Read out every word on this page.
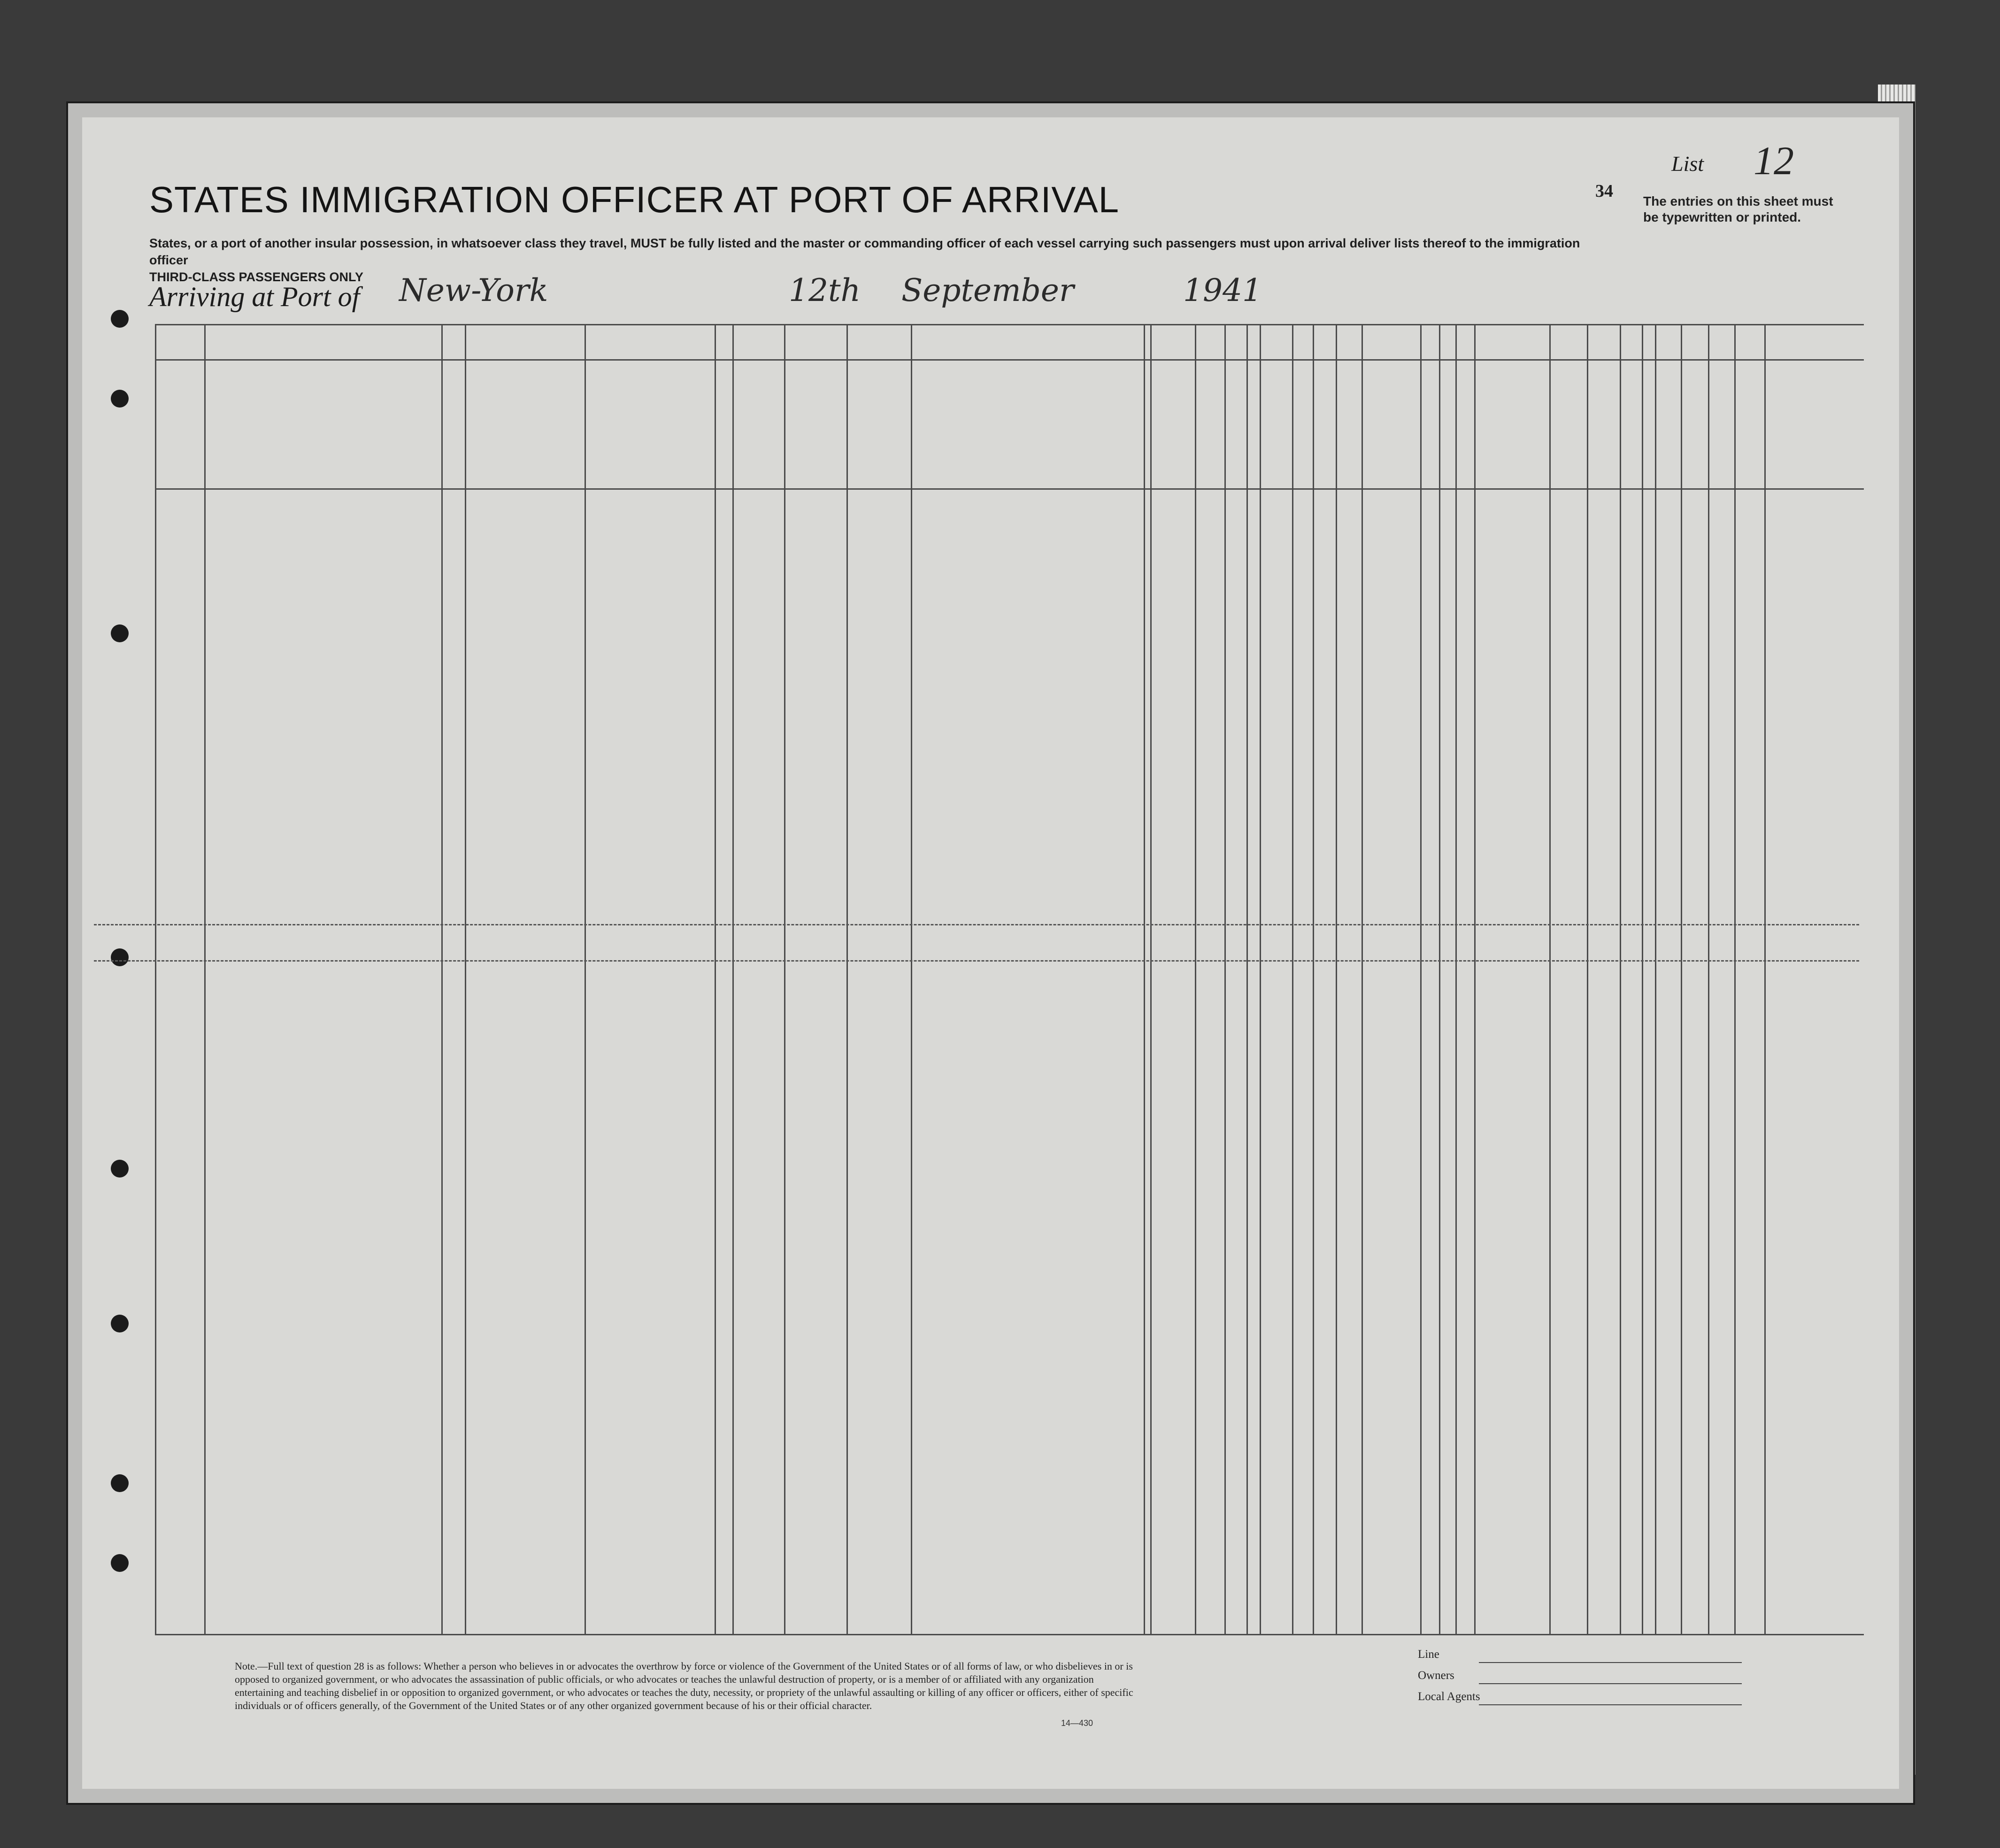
STATES IMMIGRATION OFFICER AT PORT OF ARRIVAL
States, or a port of another insular possession, in whatsoever class they travel, MUST be fully listed and the master or commanding officer of each vessel carrying such passengers must upon arrival deliver lists thereof to the immigration officer
THIRD-CLASS PASSENGERS ONLY
Arriving at Port of New-York	12th September	1941
List 12
34
The entries on this sheet must be typewritten or printed.
Note.—Full text of question 28 is as follows: Whether a person who believes in or advocates the overthrow by force or violence of the Government of the United States or of all forms of law, or who disbelieves in or is opposed to organized government, or who advocates the assassination of public officials, or who advocates or teaches the unlawful destruction of property, or is a member of or affiliated with any organization entertaining and teaching disbelief in or opposition to organized government, or who advocates or teaches the duty, necessity, or propriety of the unlawful assaulting or killing of any officer or officers, either of specific individuals or of officers generally, of the Government of the United States or of any other organized government because of his or their official character.
Line
Owners
Local Agents
14—430
